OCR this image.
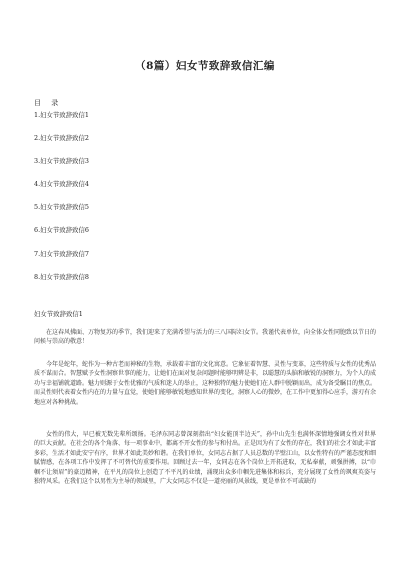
（8篇）妇女节致辞致信汇编
目 录
1.妇女节致辞致信1
2.妇女节致辞致信2
3.妇女节致辞致信3
4.妇女节致辞致信4
5.妇女节致辞致信5
6.妇女节致辞致信6
7.妇女节致辞致信7
8.妇女节致辞致信8
妇女节致辞致信1

在这春风拂面、万物复苏的季节，我们迎来了充满希望与活力的三八国际妇女节。我谨代表单位，向全体女性同胞致以节日的问候与崇高的敬意！

今年是蛇年，蛇作为一种古老而神秘的生物，承载着丰富的文化寓意。它象征着智慧、灵性与变革，这些特质与女性的优秀品质不谋而合。智慧赋予女性洞察世事的能力，让她们在面对复杂问题时能够明辨是非，以聪慧的头脑和敏锐的洞察力，为个人的成功与幸福铺就道路。魅力则源于女性优雅的气质和迷人的举止，这种独特的魅力使她们在人群中脱颖而出，成为备受瞩目的焦点。而灵性则代表着女性内在的力量与直觉，使她们能够敏锐地感知世界的变化，洞察人心的微妙，在工作中更加得心应手，游刃有余地应对各种挑战。

女性的伟大，早已被无数先辈所颂扬。毛泽东同志曾深刻指出“妇女能顶半边天”，孙中山先生也满怀深情地强调女性对世界的巨大贡献。在社会的各个角落、每一项事业中，都离不开女性的参与和付出。正是因为有了女性的存在，我们的社会才如此丰富多彩，生活才如此安宁有序，世界才如此美妙和谐。在我们单位，女同志占据了人员总数的半壁江山，以女性特有的严谨态度和细腻情感，在各项工作中发挥了不可替代的重要作用。回顾过去一年，女同志在各个岗位上开拓进取，无私奉献，顽强拼搏，以“巾帼不让须眉”的豪迈精神，在平凡的岗位上创造了不平凡的业绩，涌现出众多巾帼先进集体和标兵，充分展现了女性的飒爽英姿与独特风采。在我们这个以男性为主导的领域里，广大女同志不仅是一道亮丽的风景线，更是单位不可或缺的
